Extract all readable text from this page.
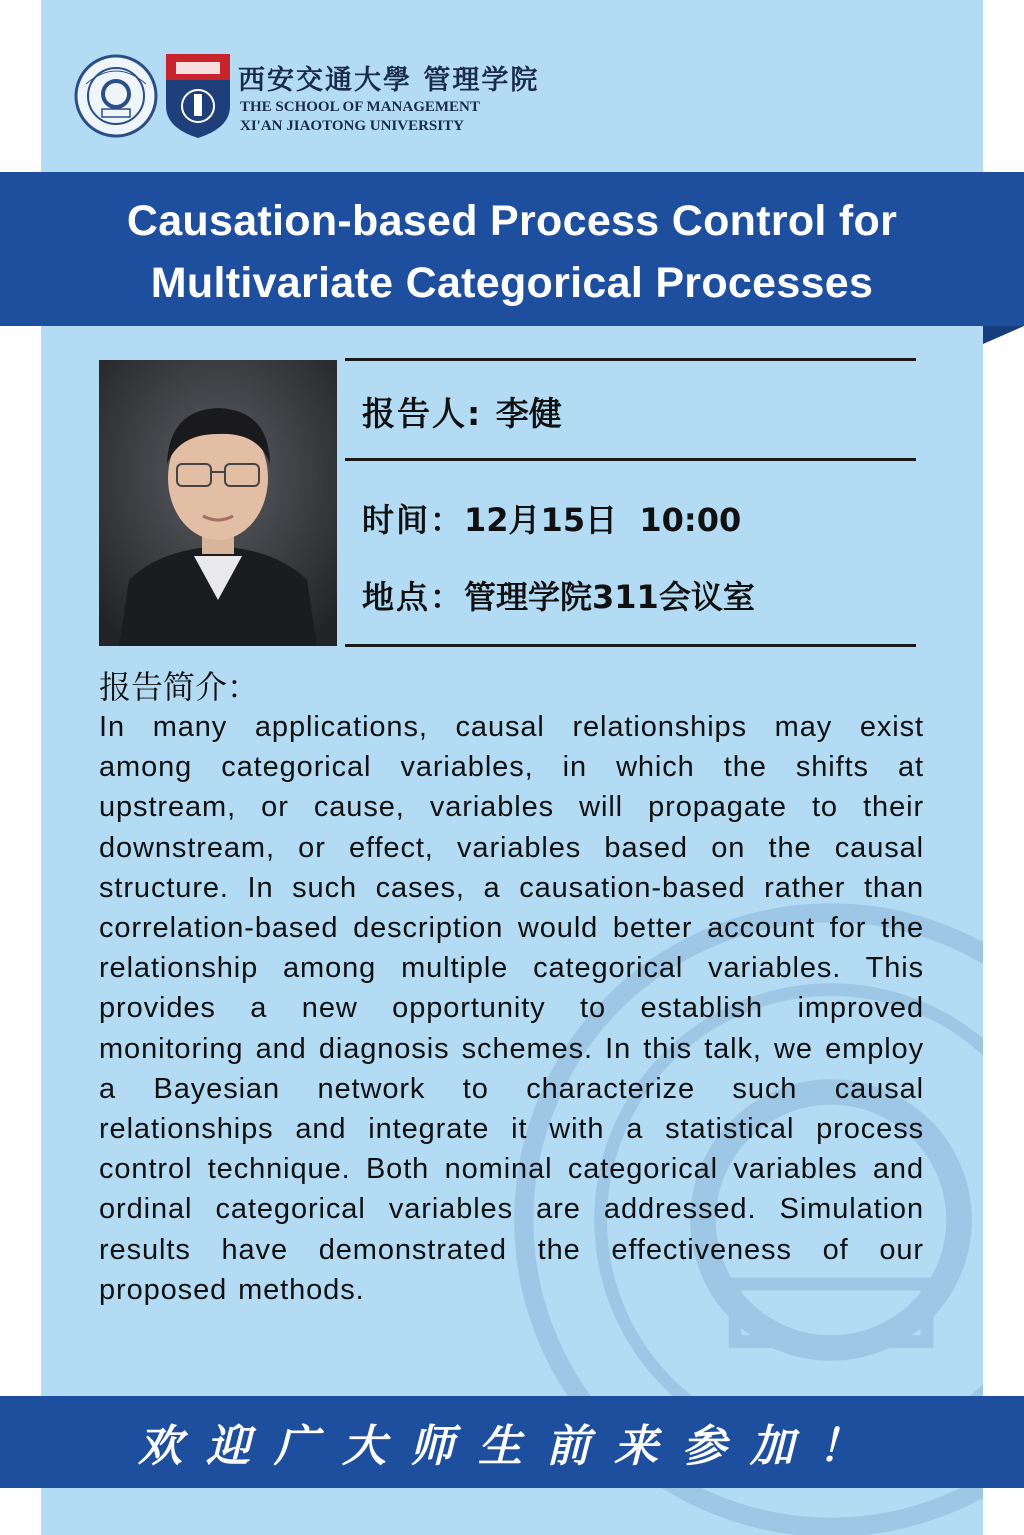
西安交通大學 管理学院
THE SCHOOL OF MANAGEMENT
XI'AN JIAOTONG UNIVERSITY
Causation-based Process Control for
Multivariate Categorical Processes
报告人: 李健
时间：12月15日  10:00
地点：管理学院311会议室
报告简介：
In many applications, causal relationships may exist among categorical variables, in which the shifts at upstream, or cause, variables will propagate to their downstream, or effect, variables based on the causal structure. In such cases, a causation-based rather than correlation-based description would better account for the relationship among multiple categorical variables. This provides a new opportunity to establish improved monitoring and diagnosis schemes. In this talk, we employ a Bayesian network to characterize such causal relationships and integrate it with a statistical process control technique. Both nominal categorical variables and ordinal categorical variables are addressed. Simulation results have demonstrated the effectiveness of our proposed methods.
欢迎广大师生前来参加！
